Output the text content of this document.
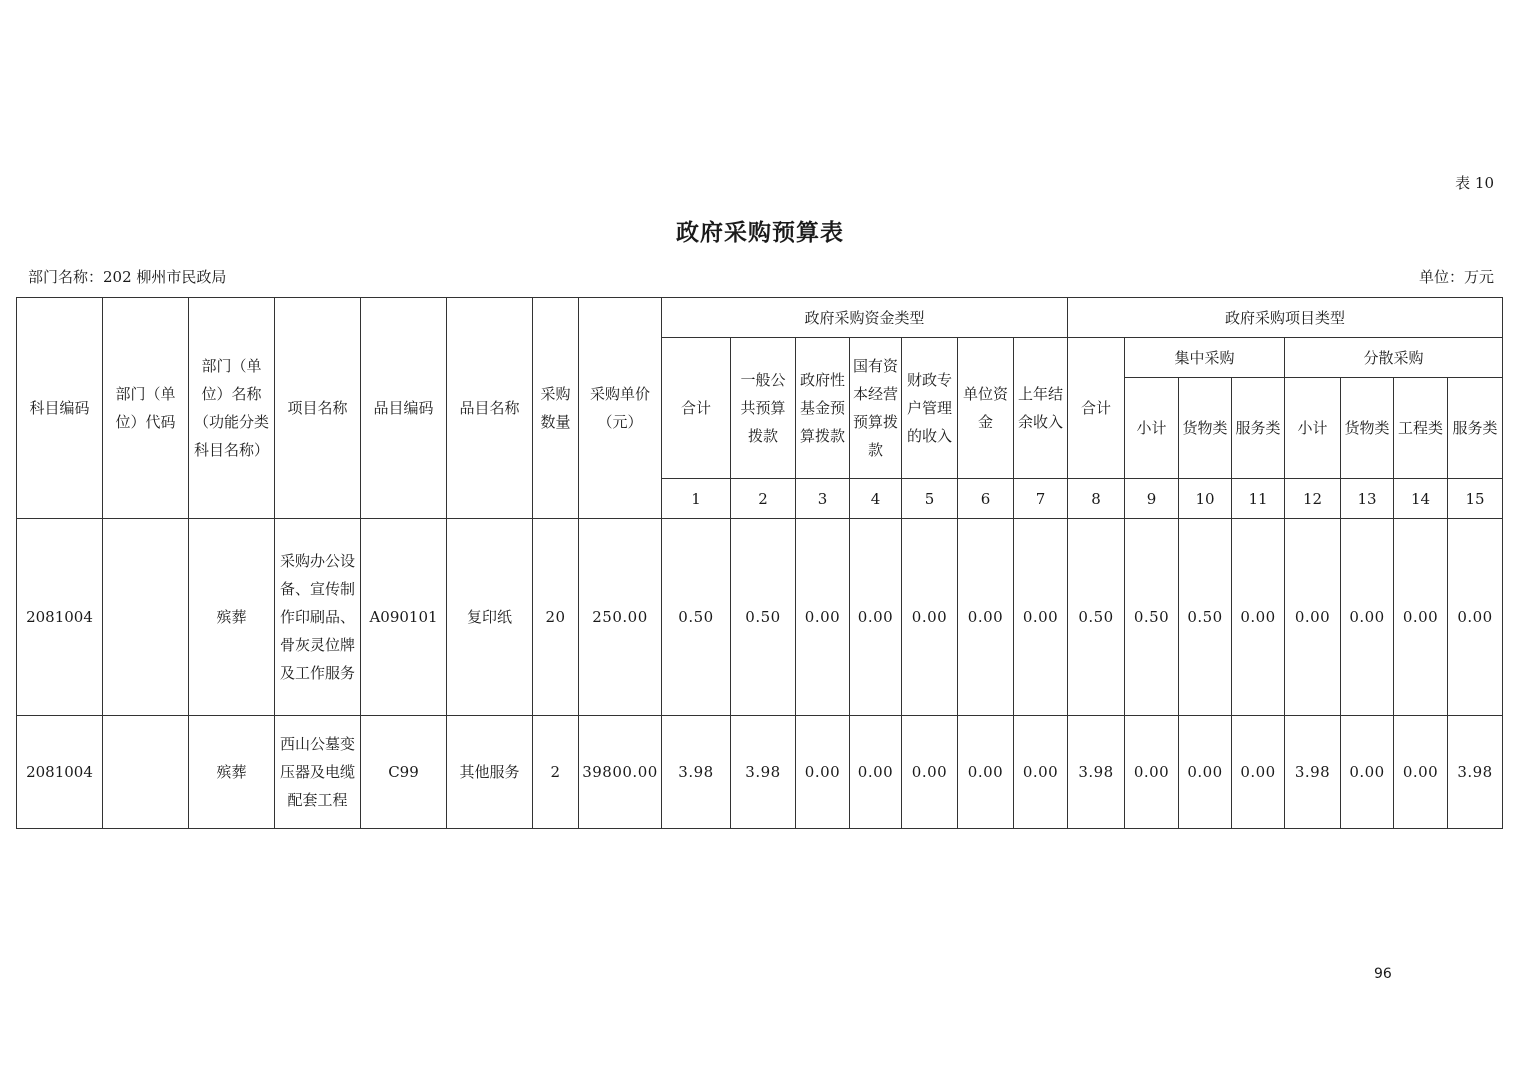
表 10
政府采购预算表
部门名称：202 柳州市民政局	单位：万元
科目编码	部门（单位）代码	部门（单位）名称（功能分类科目名称）	项目名称	品目编码	品目名称	采购数量	采购单价（元）	政府采购资金类型							政府采购项目类型							
								合计	一般公共预算拨款	政府性基金预算拨款	国有资本经营预算拨款	财政专户管理的收入	单位资金	上年结余收入	合计	集中采购			分散采购			
																小计	货物类	服务类	小计	货物类	工程类	服务类
								1	2	3	4	5	6	7	8	9	10	11	12	13	14	15
2081004		殡葬	采购办公设备、宣传制作印刷品、骨灰灵位牌及工作服务	A090101	复印纸	20	250.00	0.50	0.50	0.00	0.00	0.00	0.00	0.00	0.50	0.50	0.50	0.00	0.00	0.00	0.00	0.00
2081004		殡葬	西山公墓变压器及电缆配套工程	C99	其他服务	2	39800.00	3.98	3.98	0.00	0.00	0.00	0.00	0.00	3.98	0.00	0.00	0.00	3.98	0.00	0.00	3.98
96
